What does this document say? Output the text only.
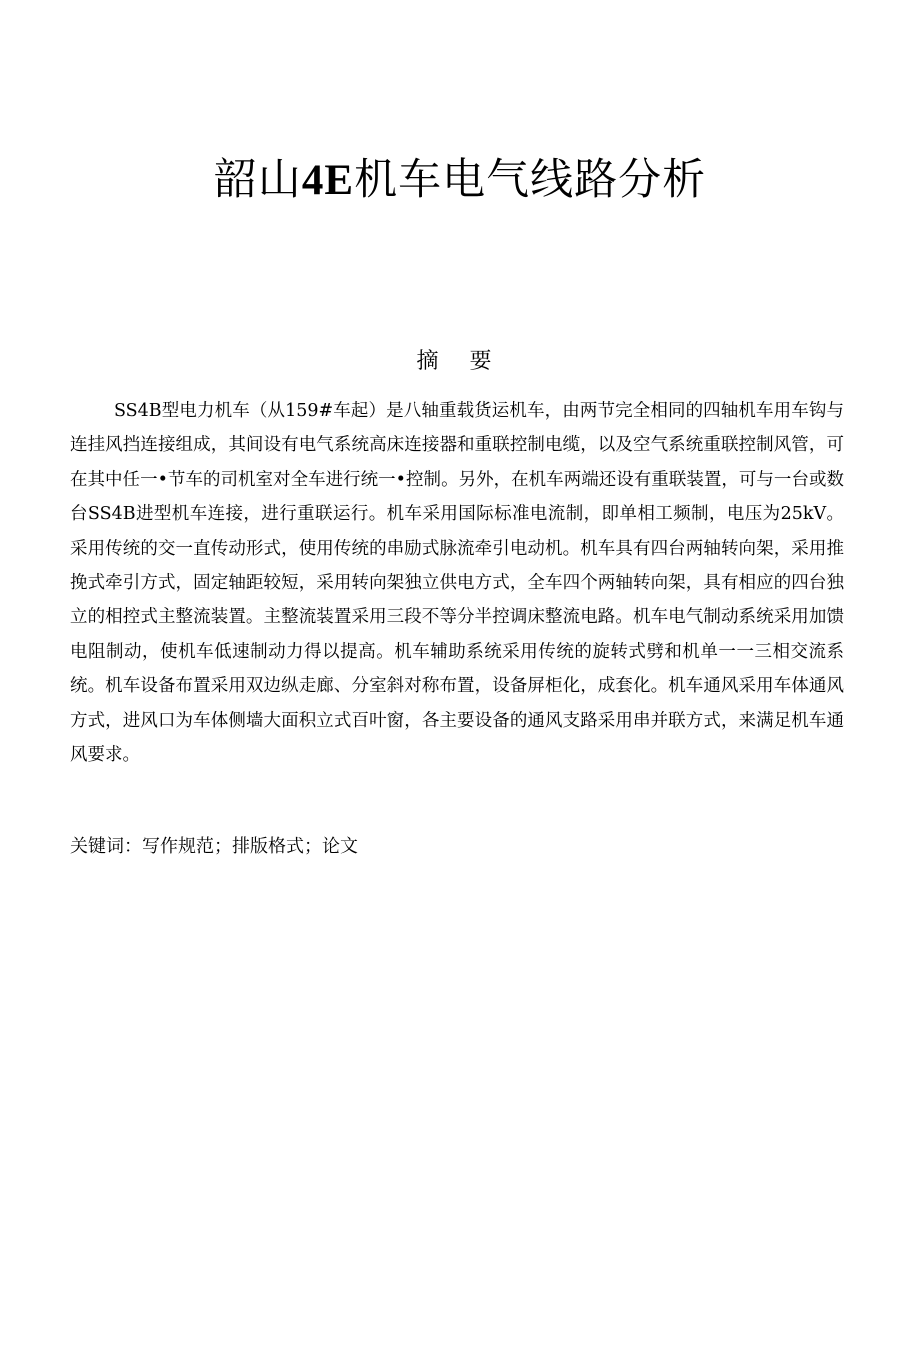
韶山4E机车电气线路分析
摘 要

SS4B型电力机车（从159#车起）是八轴重载货运机车，由两节完全相同的四轴机车用车钩与连挂风挡连接组成，其间设有电气系统高床连接器和重联控制电缆，以及空气系统重联控制风管，可在其中任一•节车的司机室对全车进行统一•控制。另外，在机车两端还设有重联装置，可与一台或数台SS4B进型机车连接，进行重联运行。机车采用国际标准电流制，即单相工频制，电压为25kV。采用传统的交一直传动形式，使用传统的串励式脉流牵引电动机。机车具有四台两轴转向架，采用推挽式牵引方式，固定轴距较短，采用转向架独立供电方式，全车四个两轴转向架，具有相应的四台独立的相控式主整流装置。主整流装置采用三段不等分半控调床整流电路。机车电气制动系统采用加馈电阻制动，使机车低速制动力得以提高。机车辅助系统采用传统的旋转式劈和机单一一三相交流系统。机车设备布置采用双边纵走廊、分室斜对称布置，设备屏柜化，成套化。机车通风采用车体通风方式，进风口为车体侧墙大面积立式百叶窗，各主要设备的通风支路采用串并联方式，来满足机车通风要求。

关键词：写作规范；排版格式；论文
